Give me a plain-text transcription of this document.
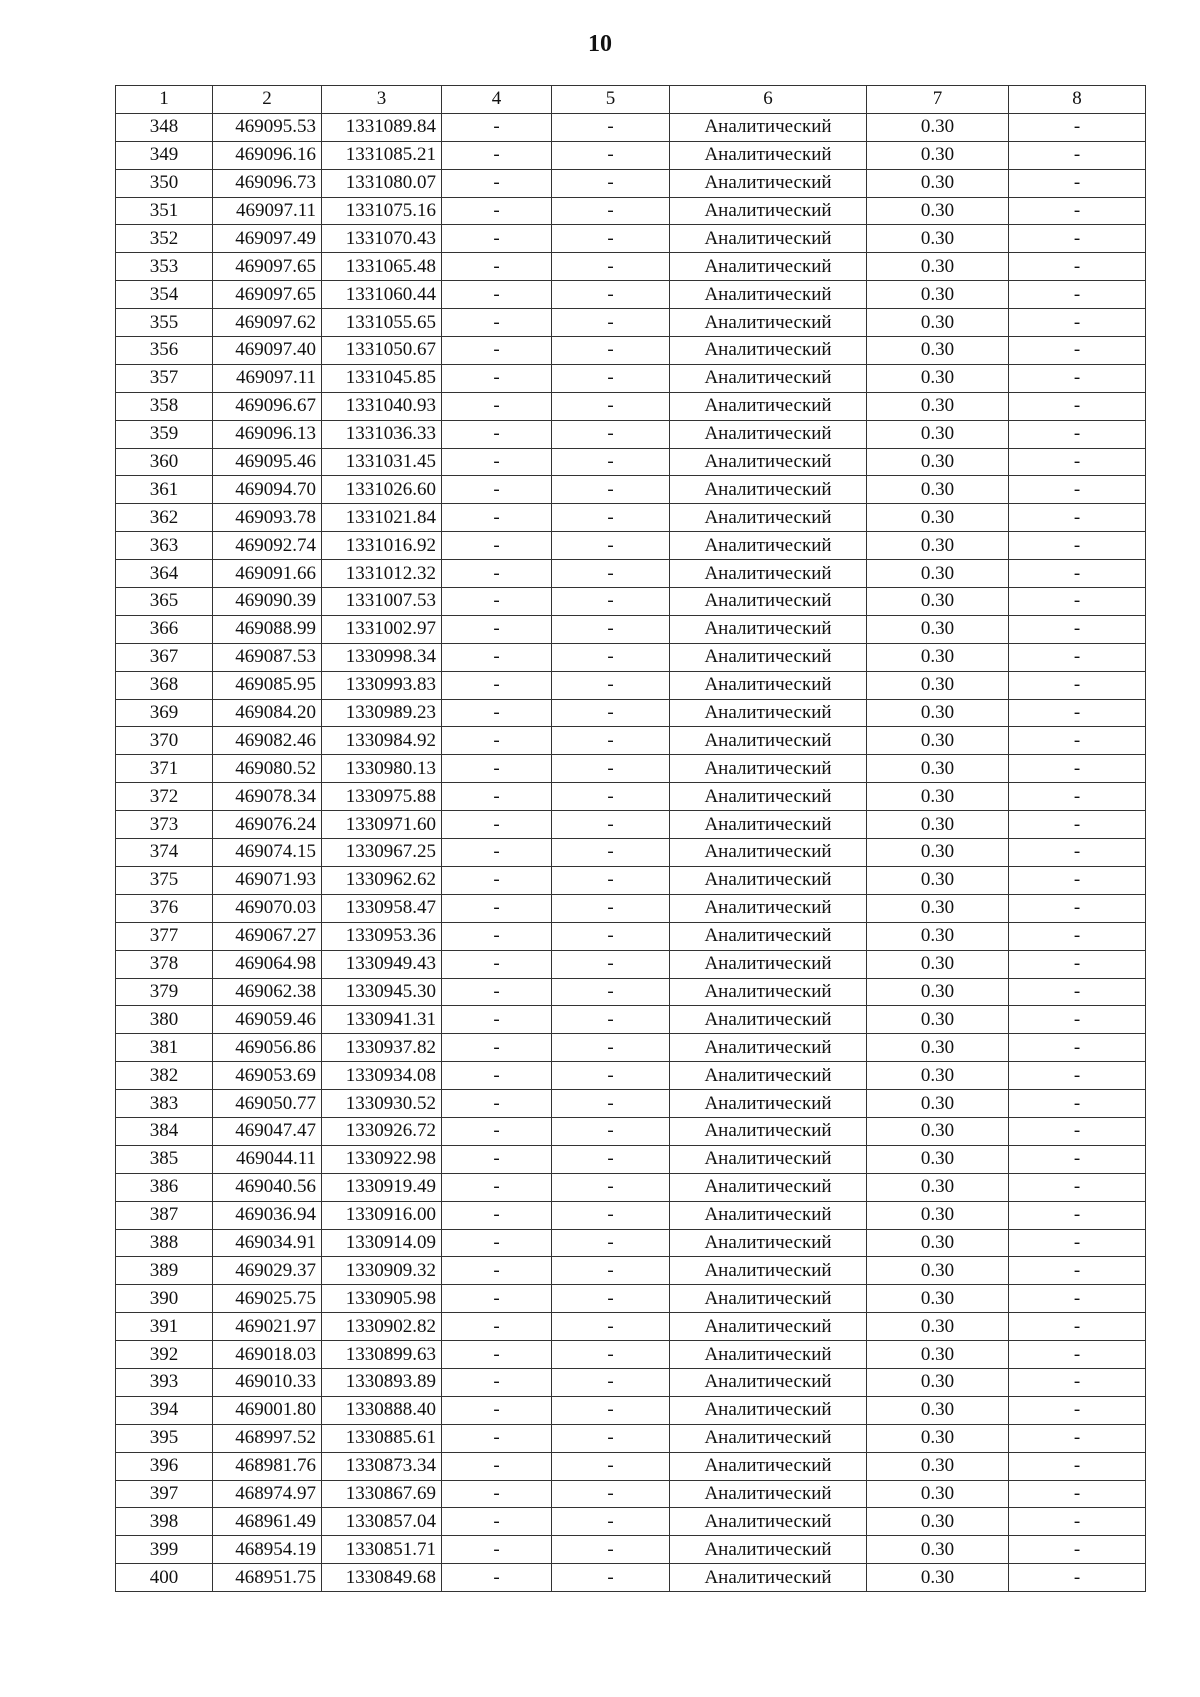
10
1	2	3	4	5	6	7	8
348	469095.53	1331089.84	-	-	Аналитический	0.30	-
349	469096.16	1331085.21	-	-	Аналитический	0.30	-
350	469096.73	1331080.07	-	-	Аналитический	0.30	-
351	469097.11	1331075.16	-	-	Аналитический	0.30	-
352	469097.49	1331070.43	-	-	Аналитический	0.30	-
353	469097.65	1331065.48	-	-	Аналитический	0.30	-
354	469097.65	1331060.44	-	-	Аналитический	0.30	-
355	469097.62	1331055.65	-	-	Аналитический	0.30	-
356	469097.40	1331050.67	-	-	Аналитический	0.30	-
357	469097.11	1331045.85	-	-	Аналитический	0.30	-
358	469096.67	1331040.93	-	-	Аналитический	0.30	-
359	469096.13	1331036.33	-	-	Аналитический	0.30	-
360	469095.46	1331031.45	-	-	Аналитический	0.30	-
361	469094.70	1331026.60	-	-	Аналитический	0.30	-
362	469093.78	1331021.84	-	-	Аналитический	0.30	-
363	469092.74	1331016.92	-	-	Аналитический	0.30	-
364	469091.66	1331012.32	-	-	Аналитический	0.30	-
365	469090.39	1331007.53	-	-	Аналитический	0.30	-
366	469088.99	1331002.97	-	-	Аналитический	0.30	-
367	469087.53	1330998.34	-	-	Аналитический	0.30	-
368	469085.95	1330993.83	-	-	Аналитический	0.30	-
369	469084.20	1330989.23	-	-	Аналитический	0.30	-
370	469082.46	1330984.92	-	-	Аналитический	0.30	-
371	469080.52	1330980.13	-	-	Аналитический	0.30	-
372	469078.34	1330975.88	-	-	Аналитический	0.30	-
373	469076.24	1330971.60	-	-	Аналитический	0.30	-
374	469074.15	1330967.25	-	-	Аналитический	0.30	-
375	469071.93	1330962.62	-	-	Аналитический	0.30	-
376	469070.03	1330958.47	-	-	Аналитический	0.30	-
377	469067.27	1330953.36	-	-	Аналитический	0.30	-
378	469064.98	1330949.43	-	-	Аналитический	0.30	-
379	469062.38	1330945.30	-	-	Аналитический	0.30	-
380	469059.46	1330941.31	-	-	Аналитический	0.30	-
381	469056.86	1330937.82	-	-	Аналитический	0.30	-
382	469053.69	1330934.08	-	-	Аналитический	0.30	-
383	469050.77	1330930.52	-	-	Аналитический	0.30	-
384	469047.47	1330926.72	-	-	Аналитический	0.30	-
385	469044.11	1330922.98	-	-	Аналитический	0.30	-
386	469040.56	1330919.49	-	-	Аналитический	0.30	-
387	469036.94	1330916.00	-	-	Аналитический	0.30	-
388	469034.91	1330914.09	-	-	Аналитический	0.30	-
389	469029.37	1330909.32	-	-	Аналитический	0.30	-
390	469025.75	1330905.98	-	-	Аналитический	0.30	-
391	469021.97	1330902.82	-	-	Аналитический	0.30	-
392	469018.03	1330899.63	-	-	Аналитический	0.30	-
393	469010.33	1330893.89	-	-	Аналитический	0.30	-
394	469001.80	1330888.40	-	-	Аналитический	0.30	-
395	468997.52	1330885.61	-	-	Аналитический	0.30	-
396	468981.76	1330873.34	-	-	Аналитический	0.30	-
397	468974.97	1330867.69	-	-	Аналитический	0.30	-
398	468961.49	1330857.04	-	-	Аналитический	0.30	-
399	468954.19	1330851.71	-	-	Аналитический	0.30	-
400	468951.75	1330849.68	-	-	Аналитический	0.30	-
